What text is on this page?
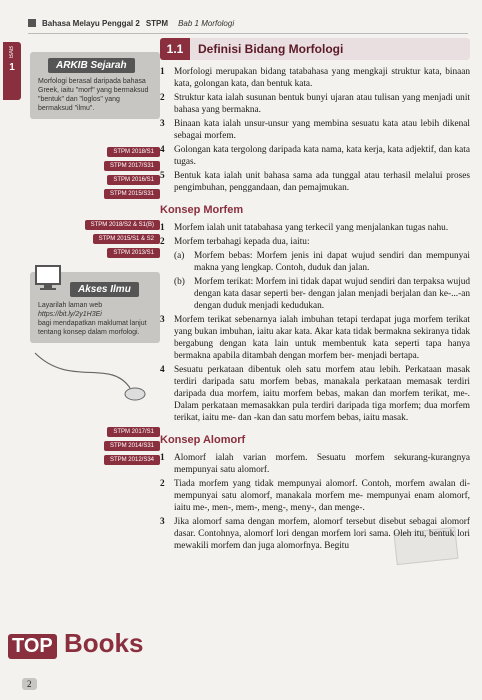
Bahasa Melayu Penggal 2 STPM Bab 1 Morfologi
BAB
1	ARKIB Sejarah
Morfologi berasal daripada bahasa Greek, iaitu "morf" yang bermaksud "bentuk" dan "loglos" yang bermaksud "ilmu".
STPM 2018/S1
STPM 2017/S31
STPM 2016/S1
STPM 2015/S31
STPM 2018/S2 & S1(B)
STPM 2015/S1 & S2
STPM 2013/S1
Akses Ilmu
Layarilah laman web
https://bit.ly/2y1H3Ei
bagi mendapatkan maklumat lanjut tentang konsep dalam morfologi.
STPM 2017/S1
STPM 2014/S31
STPM 2012/S34
1.1	Definisi Bidang Morfologi
1	Morfologi merupakan bidang tatabahasa yang mengkaji struktur kata, binaan kata, golongan kata, dan bentuk kata.
2	Struktur kata ialah susunan bentuk bunyi ujaran atau tulisan yang menjadi unit bahasa yang bermakna.
3	Binaan kata ialah unsur-unsur yang membina sesuatu kata atau lebih dikenal sebagai morfem.
4	Golongan kata tergolong daripada kata nama, kata kerja, kata adjektif, dan kata tugas.
5	Bentuk kata ialah unit bahasa sama ada tunggal atau terhasil melalui proses pengimbuhan, penggandaan, dan pemajmukan.
Konsep Morfem
1	Morfem ialah unit tatabahasa yang terkecil yang menjalankan tugas nahu.
2	Morfem terbahagi kepada dua, iaitu:
(a)	Morfem bebas: Morfem jenis ini dapat wujud sendiri dan mempunyai makna yang lengkap. Contoh, duduk dan jalan.
(b) Morfem terikat: Morfem ini tidak dapat wujud sendiri dan terpaksa wujud dengan kata dasar seperti ber- dengan jalan menjadi berjalan dan ke-...-an dengan duduk menjadi kedudukan.
3	Morfem terikat sebenarnya ialah imbuhan tetapi terdapat juga morfem terikat yang bukan imbuhan, iaitu akar kata. Akar kata tidak bermakna sekiranya tidak bergabung dengan kata lain untuk membentuk kata seperti tapa hanya bermakna apabila ditambah dengan morfem ber- menjadi bertapa.
4	Sesuatu perkataan dibentuk oleh satu morfem atau lebih. Perkataan masak terdiri daripada satu morfem bebas, manakala perkataan memasak terdiri daripada dua morfem, iaitu morfem bebas, makan dan morfem terikat, me-. Dalam perkataan memasakkan pula terdiri daripada tiga morfem; dua morfem terikat, iaitu me- dan -kan dan satu morfem bebas, iaitu masak.
Konsep Alomorf
1	Alomorf ialah varian morfem. Sesuatu morfem sekurang-kurangnya mempunyai satu alomorf.
2	Tiada morfem yang tidak mempunyai alomorf. Contoh, morfem awalan di- mempunyai satu alomorf, manakala morfem me- mempunyai enam alomorf, iaitu me-, men-, mem-, meng-, meny-, dan menge-.
3	Jika alomorf sama dengan morfem, alomorf tersebut disebut sebagai alomorf dasar. Contohnya, alomorf lori dengan morfem lori sama. Oleh itu, bentuk lori mewakili morfem dan juga alomorfnya. Begitu
TOP Books
2
